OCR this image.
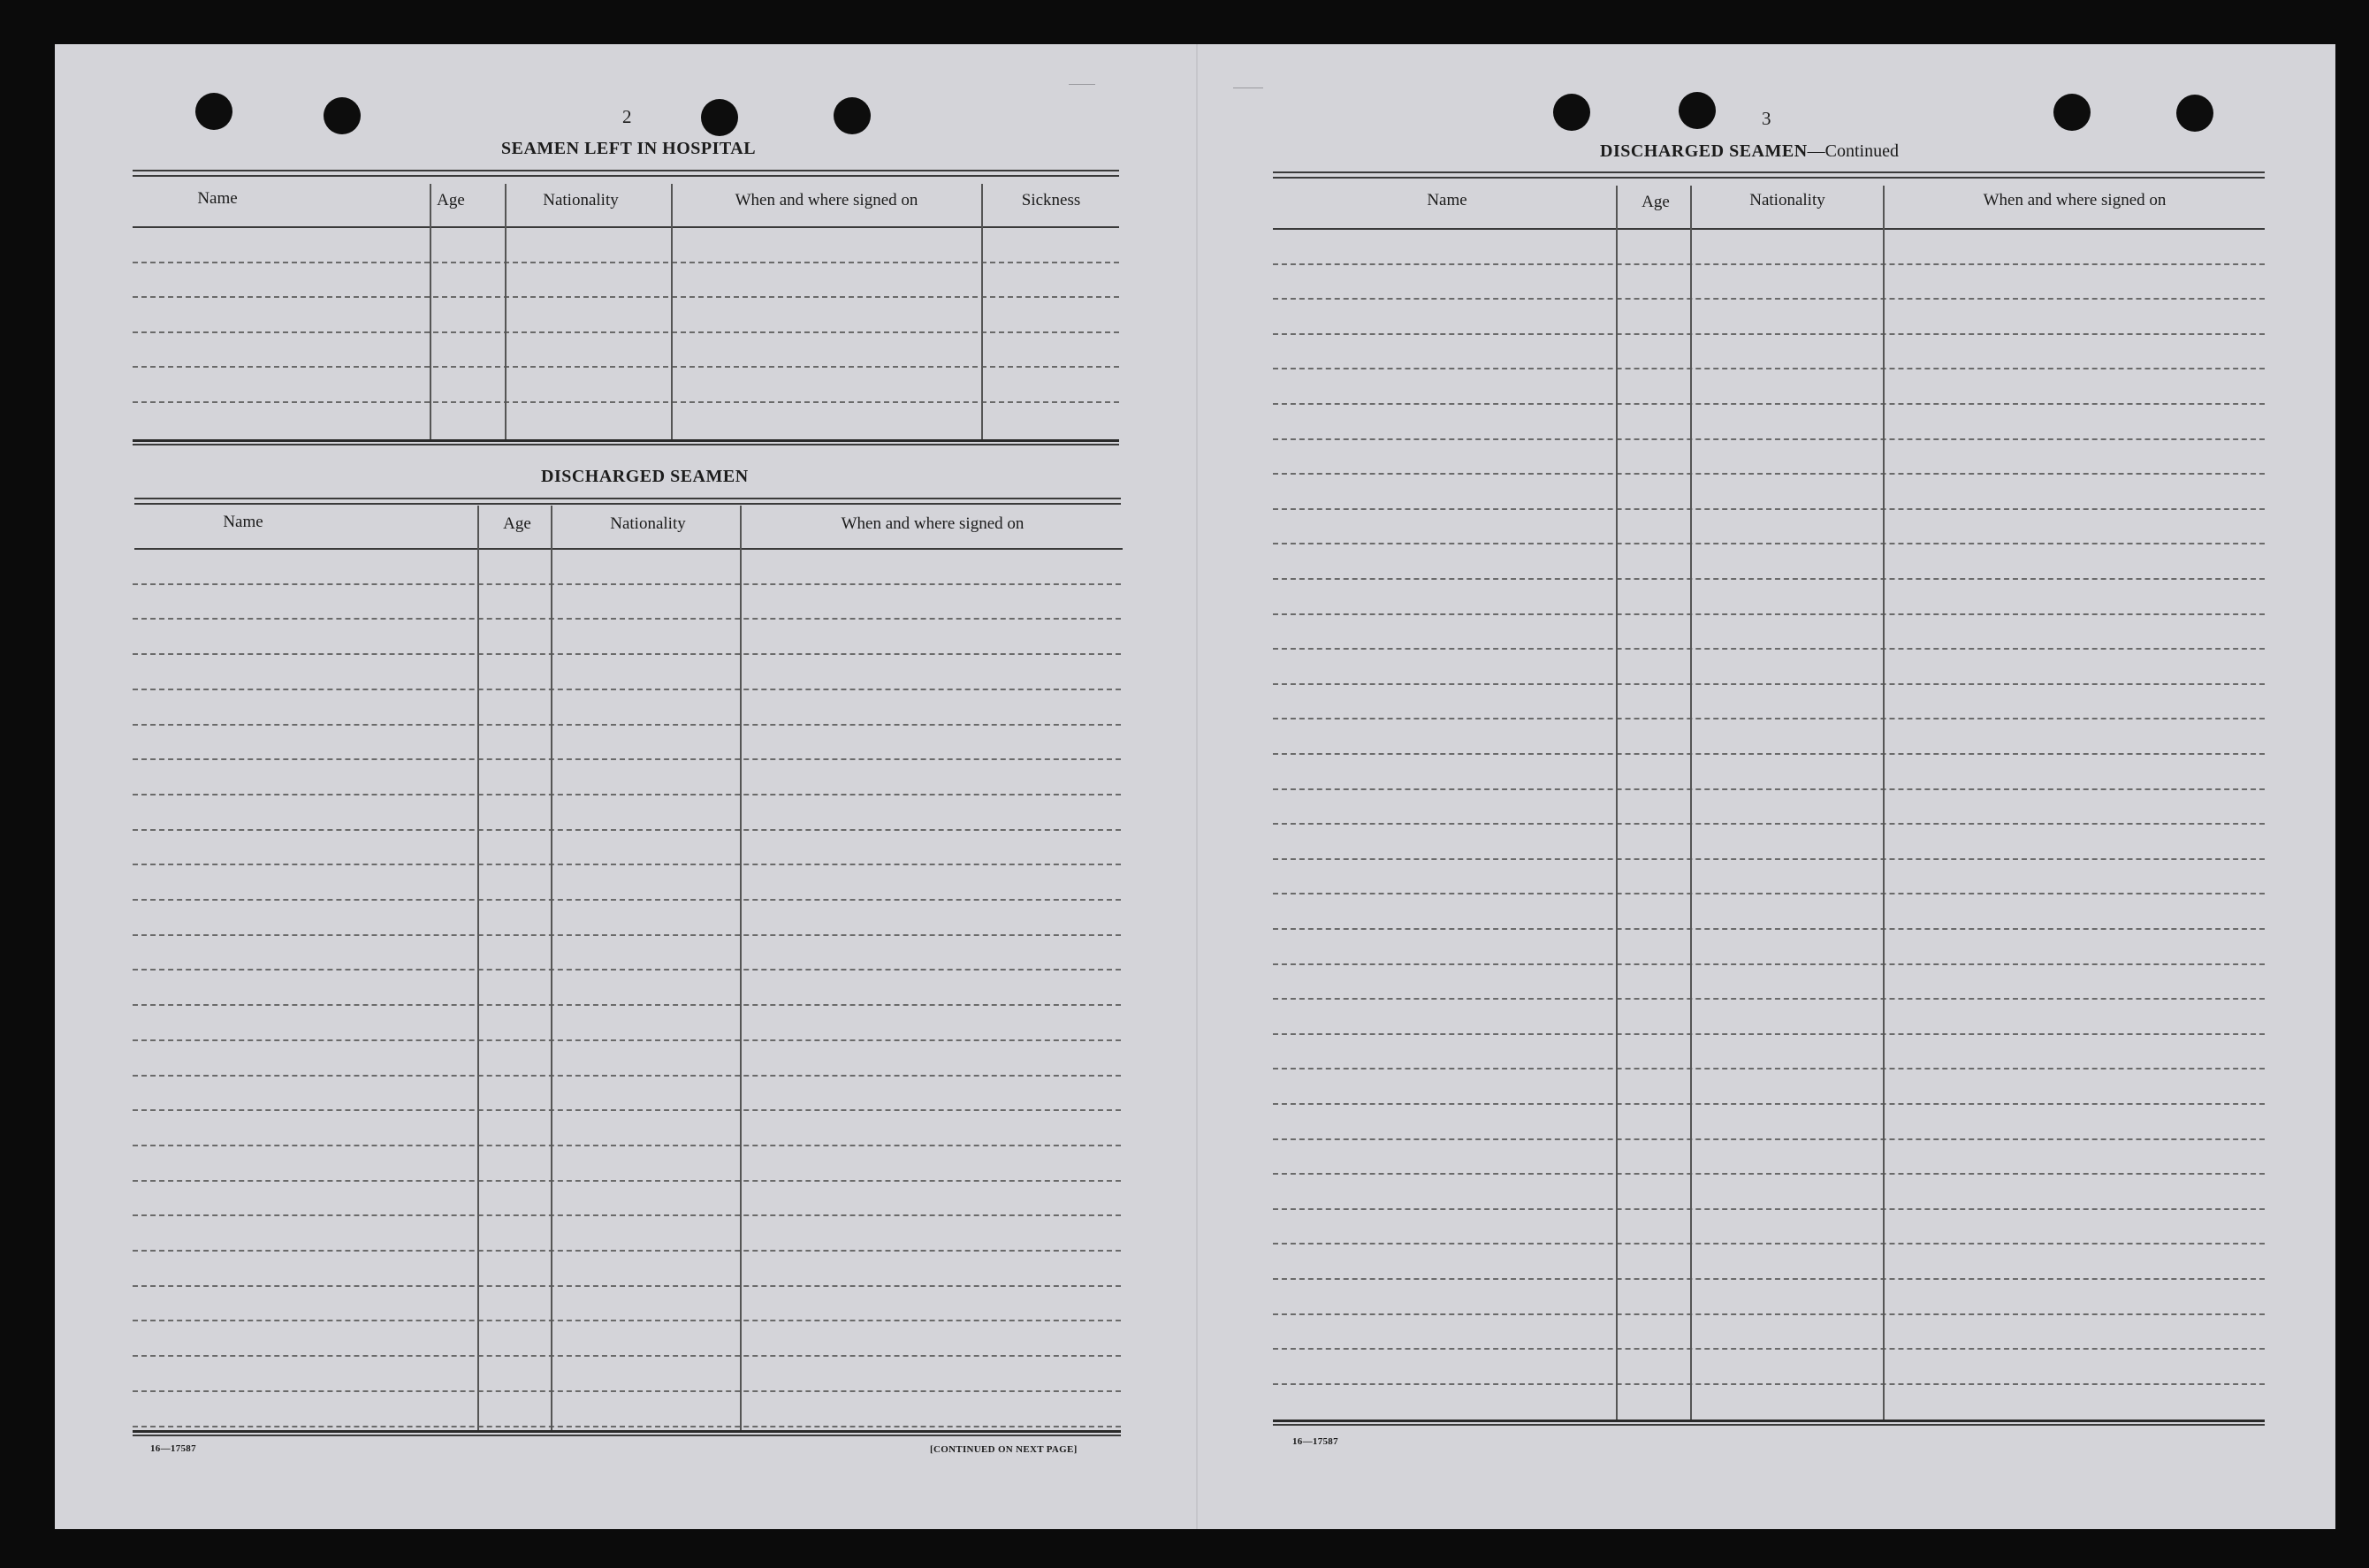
2
SEAMEN LEFT IN HOSPITAL
Name	Age	Nationality	When and where signed on	Sickness
DISCHARGED SEAMEN
Name	Age	Nationality	When and where signed on
16—17587	[CONTINUED ON NEXT PAGE]
3
DISCHARGED SEAMEN—Continued
Name	Age	Nationality	When and where signed on
16—17587
